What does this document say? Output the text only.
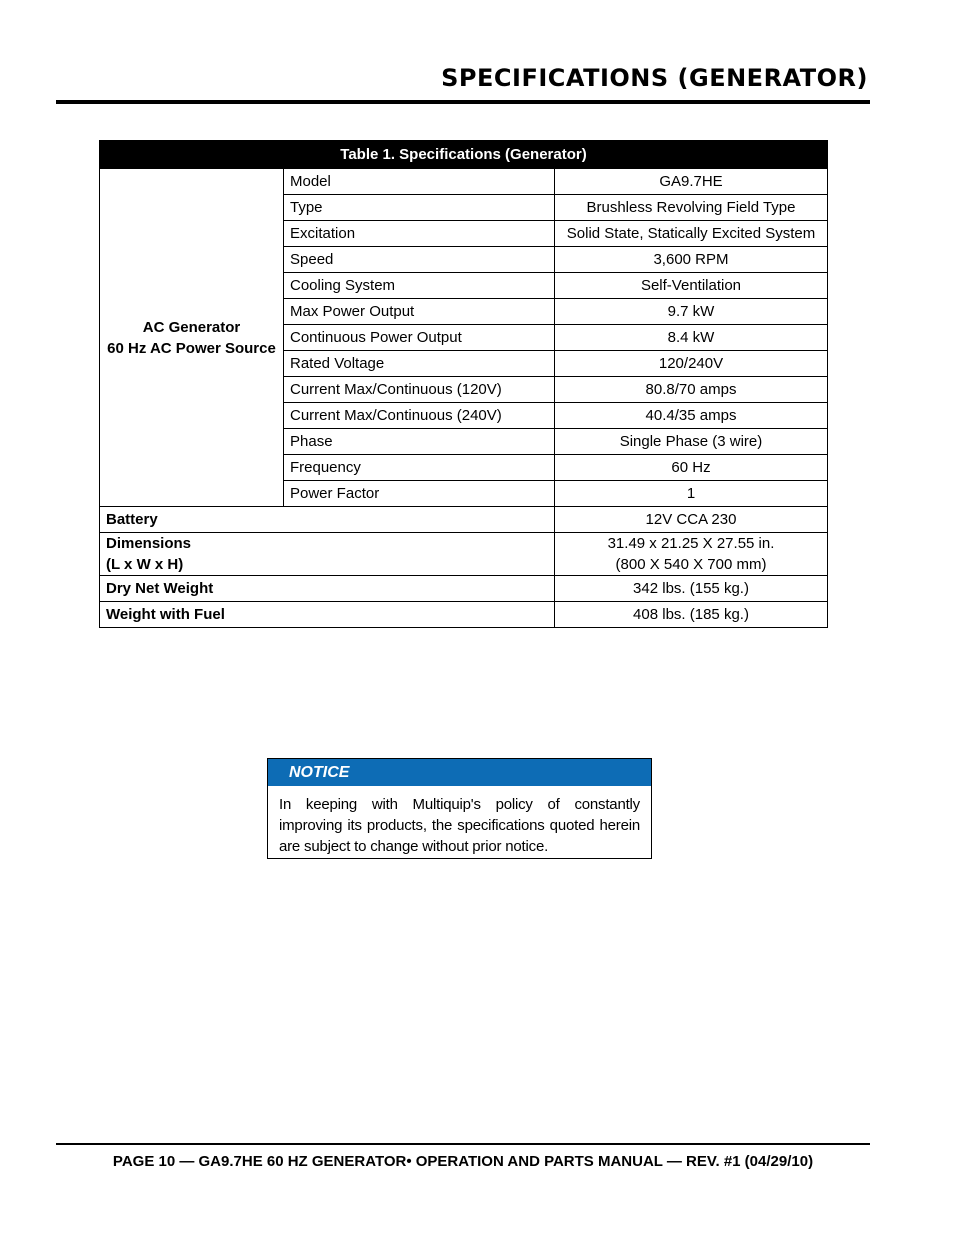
SPECIFICATIONS (GENERATOR)
Table 1. Specifications (Generator)		
AC Generator
60 Hz AC Power Source	Model	GA9.7HE
	Type	Brushless Revolving Field Type
	Excitation	Solid State, Statically Excited System
	Speed	3,600 RPM
	Cooling System	Self-Ventilation
	Max Power Output	9.7 kW
	Continuous Power Output	8.4 kW
	Rated Voltage	120/240V
	Current Max/Continuous (120V)	80.8/70 amps
	Current Max/Continuous (240V)	40.4/35 amps
	Phase	Single Phase (3 wire)
	Frequency	60 Hz
	Power Factor	1
Battery		12V CCA 230
Dimensions
(L x W x H)		31.49 x 21.25 X 27.55 in.
(800 X 540 X 700 mm)
Dry Net Weight		342 lbs. (155 kg.)
Weight with Fuel		408 lbs. (185 kg.)
NOTICE
In keeping with Multiquip's policy of constantly improving its products, the specifications quoted herein are subject to change without prior notice.
PAGE 10 — GA9.7HE 60 HZ GENERATOR• OPERATION AND PARTS MANUAL — REV. #1 (04/29/10)
